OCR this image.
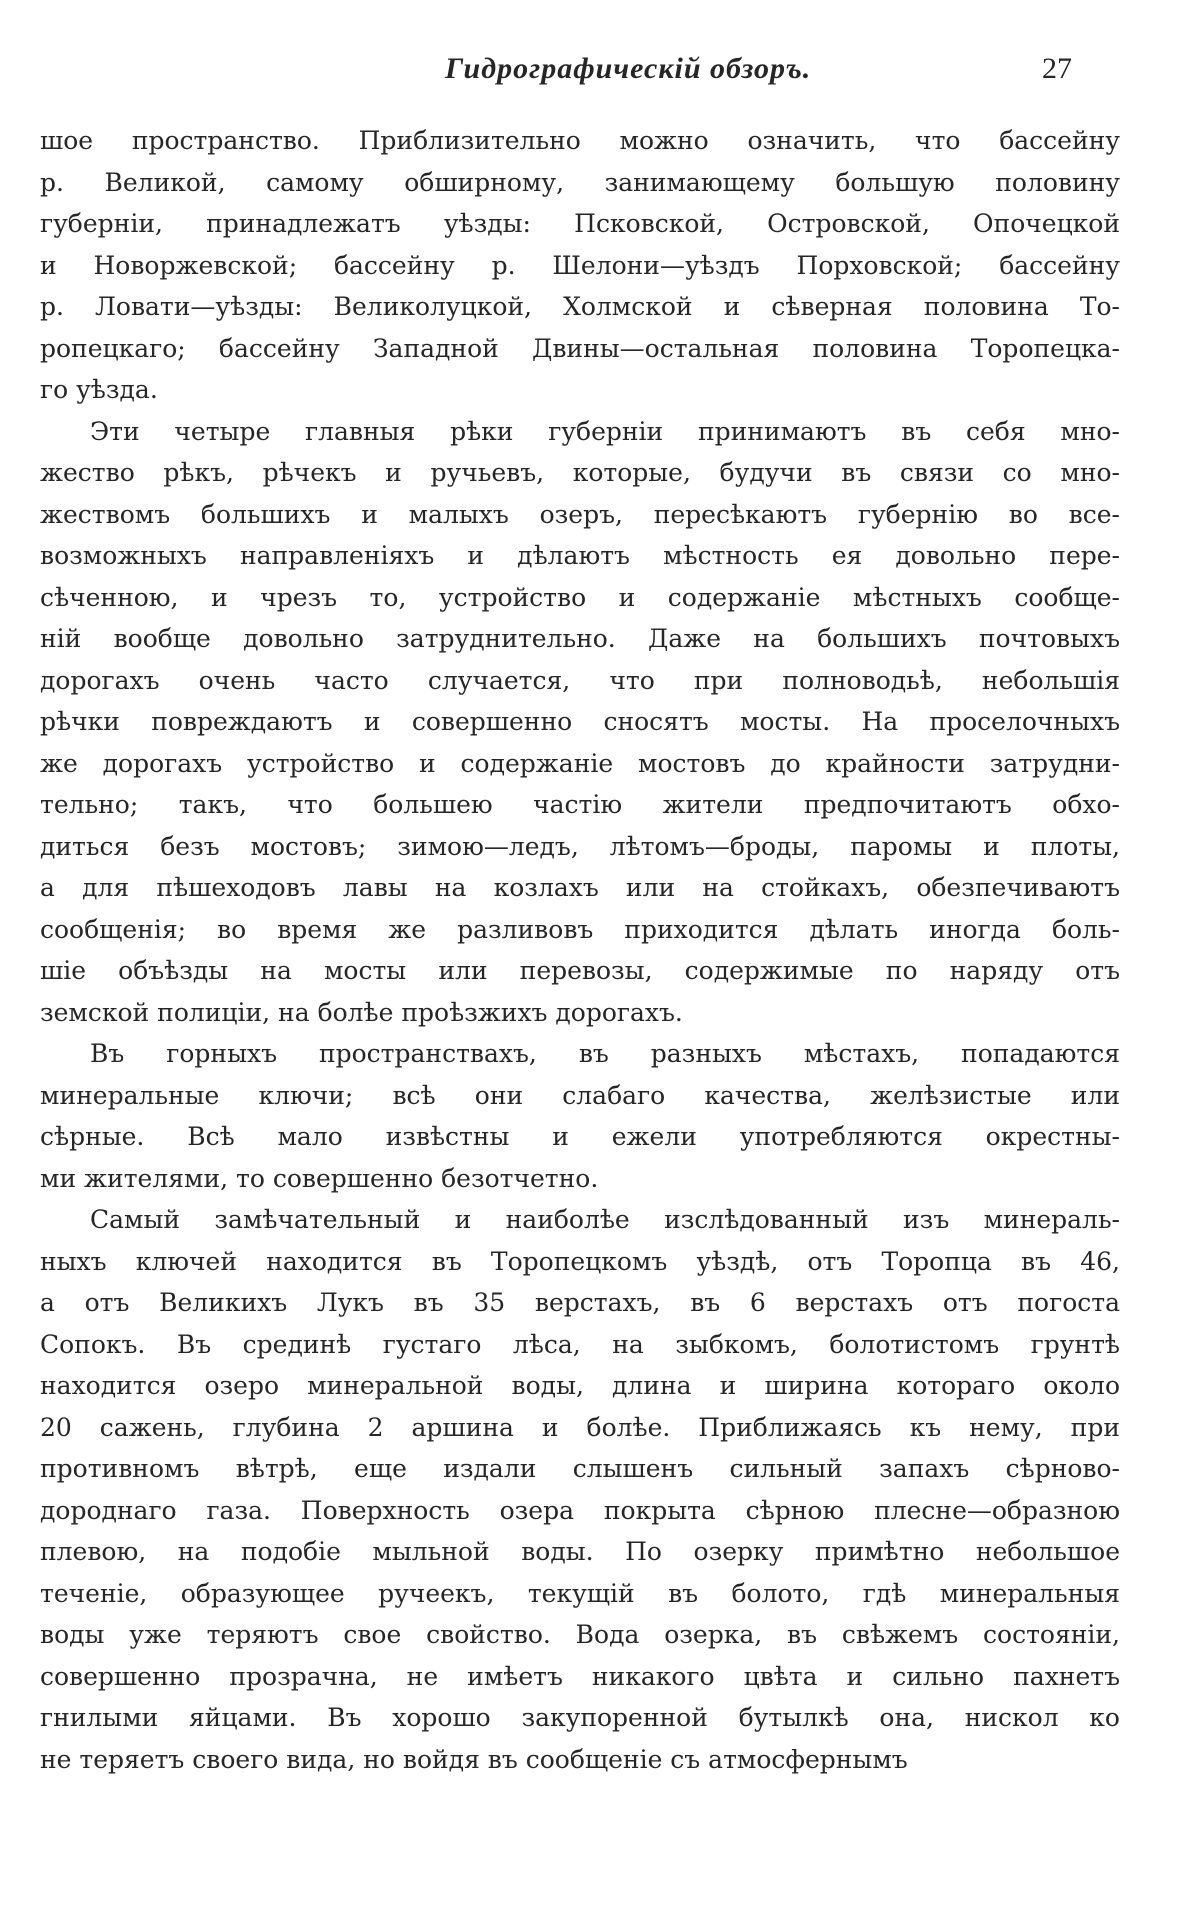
Гидрографическій обзоръ.	27
шое пространство. Приблизительно можно означить, что бассейну
р. Великой, самому обширному, занимающему большую половину
губерніи, принадлежатъ уѣзды: Псковской, Островской, Опочецкой
и Новоржевской; бассейну р. Шелони—уѣздъ Порховской; бассейну
р. Ловати—уѣзды: Великолуцкой, Холмской и сѣверная половина То-
ропецкаго; бассейну Западной Двины—остальная половина Торопецка-
го уѣзда.
Эти четыре главныя рѣки губерніи принимаютъ въ себя мно-
жество рѣкъ, рѣчекъ и ручьевъ, которые, будучи въ связи со мно-
жествомъ большихъ и малыхъ озеръ, пересѣкаютъ губернію во все-
возможныхъ направленіяхъ и дѣлаютъ мѣстность ея довольно пере-
сѣченною, и чрезъ то, устройство и содержаніе мѣстныхъ сообще-
ній вообще довольно затруднительно. Даже на большихъ почтовыхъ
дорогахъ очень часто случается, что при полноводьѣ, небольшія
рѣчки повреждаютъ и совершенно сносятъ мосты. На проселочныхъ
же дорогахъ устройство и содержаніе мостовъ до крайности затрудни-
тельно; такъ, что большею частію жители предпочитаютъ обхо-
диться безъ мостовъ; зимою—ледъ, лѣтомъ—броды, паромы и плоты,
а для пѣшеходовъ лавы на козлахъ или на стойкахъ, обезпечиваютъ
сообщенія; во время же разливовъ приходится дѣлать иногда боль-
шіе объѣзды на мосты или перевозы, содержимые по наряду отъ
земской полиціи, на болѣе проѣзжихъ дорогахъ.
Въ горныхъ пространствахъ, въ разныхъ мѣстахъ, попадаются
минеральные ключи; всѣ они слабаго качества, желѣзистые или
сѣрные. Всѣ мало извѣстны и ежели употребляются окрестны-
ми жителями, то совершенно безотчетно.
Самый замѣчательный и наиболѣе изслѣдованный изъ минераль-
ныхъ ключей находится въ Торопецкомъ уѣздѣ, отъ Торопца въ 46,
а отъ Великихъ Лукъ въ 35 верстахъ, въ 6 верстахъ отъ погоста
Сопокъ. Въ срединѣ густаго лѣса, на зыбкомъ, болотистомъ грунтѣ
находится озеро минеральной воды, длина и ширина котораго около
20 сажень, глубина 2 аршина и болѣе. Приближаясь къ нему, при
противномъ вѣтрѣ, еще издали слышенъ сильный запахъ сѣрново-
дороднаго газа. Поверхность озера покрыта сѣрною плесне—образною
плевою, на подобіе мыльной воды. По озерку примѣтно небольшое
теченіе, образующее ручеекъ, текущій въ болото, гдѣ минеральныя
воды уже теряютъ свое свойство. Вода озерка, въ свѣжемъ состояніи,
совершенно прозрачна, не имѣетъ никакого цвѣта и сильно пахнетъ
гнилыми яйцами. Въ хорошо закупоренной бутылкѣ она, нискол ко
не теряетъ своего вида, но войдя въ сообщеніе съ атмосфернымъ
